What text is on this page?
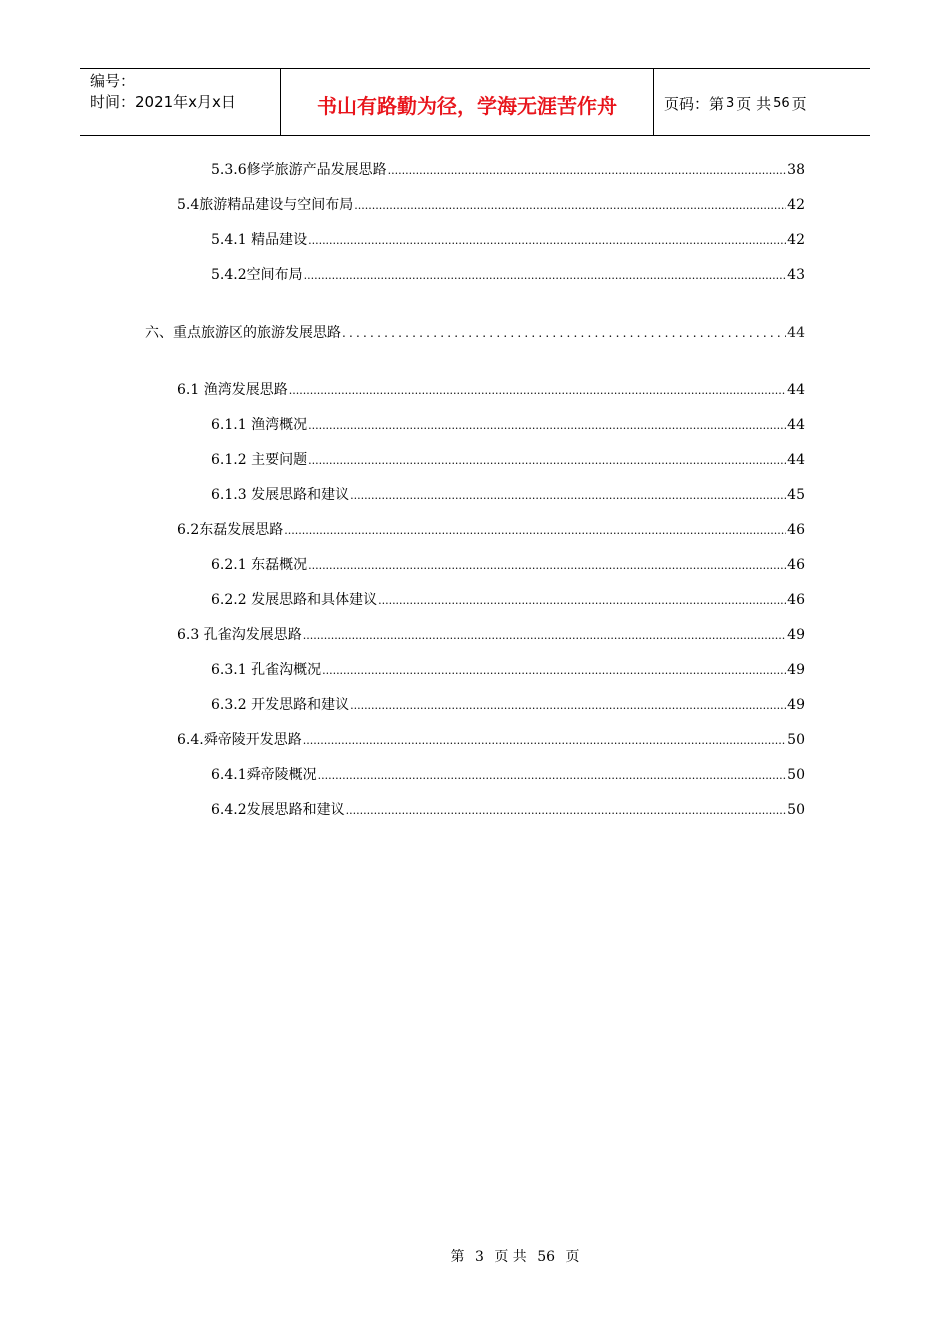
编号：
时间：2021年x月x日	书山有路勤为径，学海无涯苦作舟	页码：第 3 页 共 56 页
5.3.6修学旅游产品发展思路 .....	38
5.4旅游精品建设与空间布局 .....	42
5.4.1 精品建设 .....	42
5.4.2空间布局 .....	43
六、重点旅游区的旅游发展思路 .....	44
6.1 渔湾发展思路 .....	44
6.1.1 渔湾概况 .....	44
6.1.2 主要问题 .....	44
6.1.3 发展思路和建议 .....	45
6.2东磊发展思路 .....	46
6.2.1 东磊概况 .....	46
6.2.2 发展思路和具体建议 .....	46
6.3 孔雀沟发展思路 .....	49
6.3.1 孔雀沟概况 .....	49
6.3.2 开发思路和建议 .....	49
6.4.舜帝陵开发思路 .....	50
6.4.1舜帝陵概况 .....	50
6.4.2发展思路和建议 .....	50
第 3 页 共 56 页
